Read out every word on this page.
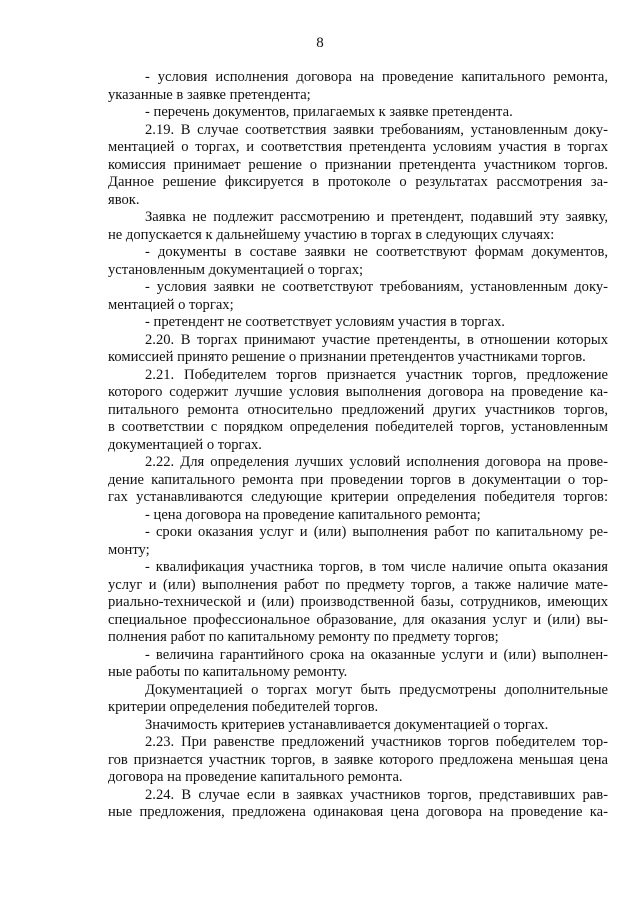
8
- условия исполнения договора на проведение капитального ремонта,
указанные в заявке претендента;
- перечень документов, прилагаемых к заявке претендента.
2.19. В случае соответствия заявки требованиям, установленным доку-
ментацией о торгах, и соответствия претендента условиям участия в торгах
комиссия принимает решение о признании претендента участником торгов.
Данное решение фиксируется в протоколе о результатах рассмотрения за-
явок.
Заявка не подлежит рассмотрению и претендент, подавший эту заявку,
не допускается к дальнейшему участию в торгах в следующих случаях:
- документы в составе заявки не соответствуют формам документов,
установленным документацией о торгах;
- условия заявки не соответствуют требованиям, установленным доку-
ментацией о торгах;
- претендент не соответствует условиям участия в торгах.
2.20. В торгах принимают участие претенденты, в отношении которых
комиссией принято решение о признании претендентов участниками торгов.
2.21. Победителем торгов признается участник торгов, предложение
которого содержит лучшие условия выполнения договора на проведение ка-
питального ремонта относительно предложений других участников торгов,
в соответствии с порядком определения победителей торгов, установленным
документацией о торгах.
2.22. Для определения лучших условий исполнения договора на прове-
дение капитального ремонта при проведении торгов в документации о тор-
гах устанавливаются следующие критерии определения победителя торгов:
- цена договора на проведение капитального ремонта;
- сроки оказания услуг и (или) выполнения работ по капитальному ре-
монту;
- квалификация участника торгов, в том числе наличие опыта оказания
услуг и (или) выполнения работ по предмету торгов, а также наличие мате-
риально-технической и (или) производственной базы, сотрудников, имеющих
специальное профессиональное образование, для оказания услуг и (или) вы-
полнения работ по капитальному ремонту по предмету торгов;
- величина гарантийного срока на оказанные услуги и (или) выполнен-
ные работы по капитальному ремонту.
Документацией о торгах могут быть предусмотрены дополнительные
критерии определения победителей торгов.
Значимость критериев устанавливается документацией о торгах.
2.23. При равенстве предложений участников торгов победителем тор-
гов признается участник торгов, в заявке которого предложена меньшая цена
договора на проведение капитального ремонта.
2.24. В случае если в заявках участников торгов, представивших рав-
ные предложения, предложена одинаковая цена договора на проведение ка-
